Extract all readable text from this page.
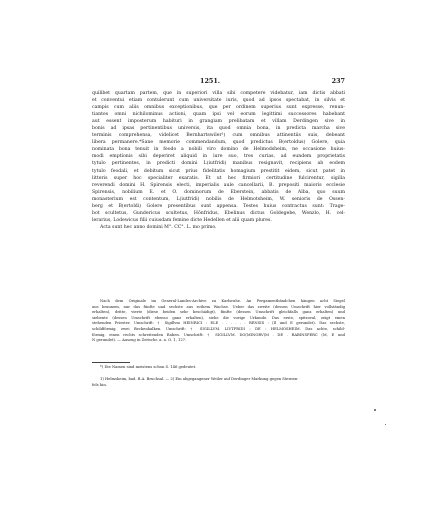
1251.	237
quilibet quartam partem, que in superiori villa sibi competere videbatur, iam dictis abbati
et conventui etiam contulerunt cum universitate iuris, quod ad ipsos spectabat, in silvis et
campis cum aliis omnibus exceptionibus, que per ordinem superius sunt expresse, renun-
tiantes omni nichilominus actioni, quam ipsi vel eorum legittimi successores habebant
aut essent imposterum habituri in grangiam prelibatam et villam Derdingen sive in
bonis ad ipsas pertinentibus universis, ita quod omnia bona, in predicta marcha sive
terminis comprehensa, videlicet Bernhartswiler¹) cum omnibus attinentiis suis, debeant
libera permanere.*Sane memorie commendandum, quod predictus B(ertoldus) Golere, quia
nominata bona tenuit in feodo a nobili viro domino de Helmodsheim, ne occasione huius-
modi emptionis sibi deperiret aliquid in iure suo, tres curias, ad eundem proprietatis
tytulo pertinentes, in predicti domini L(iutfridi) manibus resignavit, recipiens ab eodem
tytulo feodali, et debitum sicut prius fidelitatis homagium prestitit eidem, sicut patet in
litteris super hoc specialiter exaratis. Et ut hec firmiori certitudine fulcirentur, sigilla
reverendi domini H. Spirensis electi, imperialis aule cancellarii, B. prepositi maioris ecclesie
Spirensis, nobilium E. et O. dominorum de Eberstein, abbatis de Alba, quo suum
monasterium est contentum, L(iutfridi) nobilis de Helmotsheim, W. senioris de Ossen-
berg et B(ertoldi) Golere presentibus sunt appensa. Testes huius contractus sunt: Trage-
bot scultetus, Gundericus scultetus, Hônfridus, Ebelinus dictus Goldegebe, Wenzlo, H. cel-
lerarius, Lodewicus filii cuiusdam femine dicte Hedellen et alii quam plures.
Acta sunt hec anno domini M°. CC°. L. mo primo.
Nach dem Originale im General-Landes-Archive zu Karlsruhe. An Pergamentbändchen hängen acht Siegel
aus braunem, nur das fünfte und sechste aus rothem Wachse. Ueber das zweite (dessen Umschrift hier vollständig
erhalten), dritte, vierte (diese beiden sehr beschädigt), fünfte (dessen Umschrift gleichfalls ganz erhalten) und
siebente (dessen Umschrift ebenso ganz erhalten), siehe die vorige Urkunde. Das erste, spitzoval, zeigt einen
stehenden Priester. Umschrift: † Sigillvm HEINRICI : ELE . . . . . . RENSIS : (Il und E gerundet). Das sechste,
schildförmig, zwei Beckenhalken. Umschrift: † SIGILLVM. LIVTFRIDI : DE : HELMOSHEIM. Das achte, schild-
förmig, einen rechts schreitenden Raben. Umschrift: † SIGILLVM. DO(MINORV)M . DE . RABINSPERC (M, E und
N gerundet). — Auszug in Zeitschr. a. a. O. 1, 127.
*) Die Namen sind meistens schon S. 146 gedeutet.
1) Helmsheim, bad. B.A. Bruchsal. — 2) Ein abgegangener Weiler auf Derdinger Markung gegen Sternen-
fels hin.
